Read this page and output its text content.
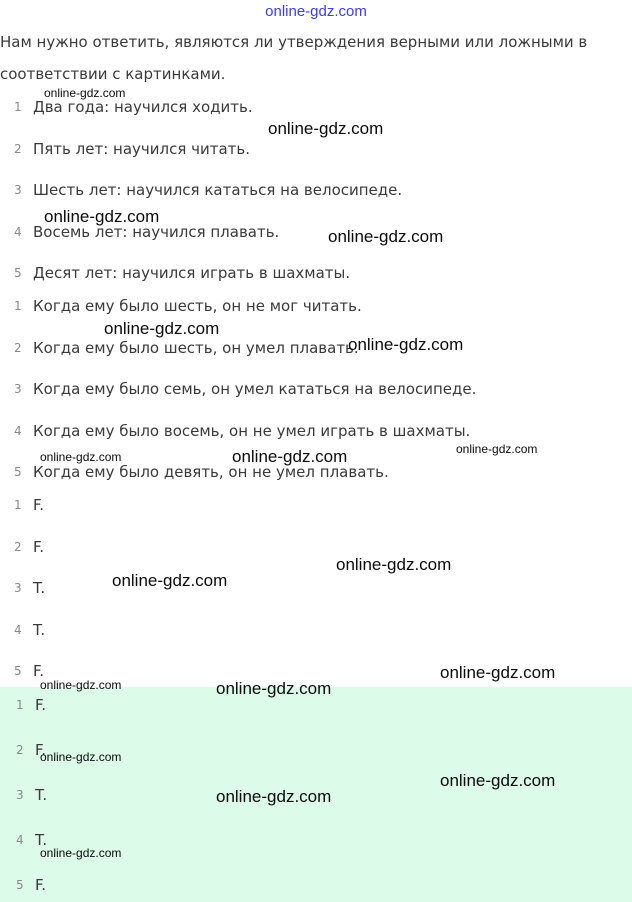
online-gdz.com
Нам нужно ответить, являются ли утверждения верными или ложными в соответствии с картинками.
1 Два года: научился ходить.
2 Пять лет: научился читать.
3 Шесть лет: научился кататься на велосипеде.
4 Восемь лет: научился плавать.
5 Десят лет: научился играть в шахматы.
1 Когда ему было шесть, он не мог читать.
2 Когда ему было шесть, он умел плавать.
3 Когда ему было семь, он умел кататься на велосипеде.
4 Когда ему было восемь, он не умел играть в шахматы.
5 Когда ему было девять, он не умел плавать.
1 F.
2 F.
3 T.
4 T.
5 F.
1 F.
2 F.
3 T.
4 T.
5 F.
online-gdz.com
online-gdz.com
online-gdz.com
online-gdz.com
online-gdz.com
online-gdz.com
online-gdz.com	online-gdz.com	online-gdz.com
online-gdz.com
online-gdz.com
online-gdz.com
online-gdz.com	online-gdz.com
online-gdz.com
online-gdz.com
online-gdz.com
online-gdz.com
